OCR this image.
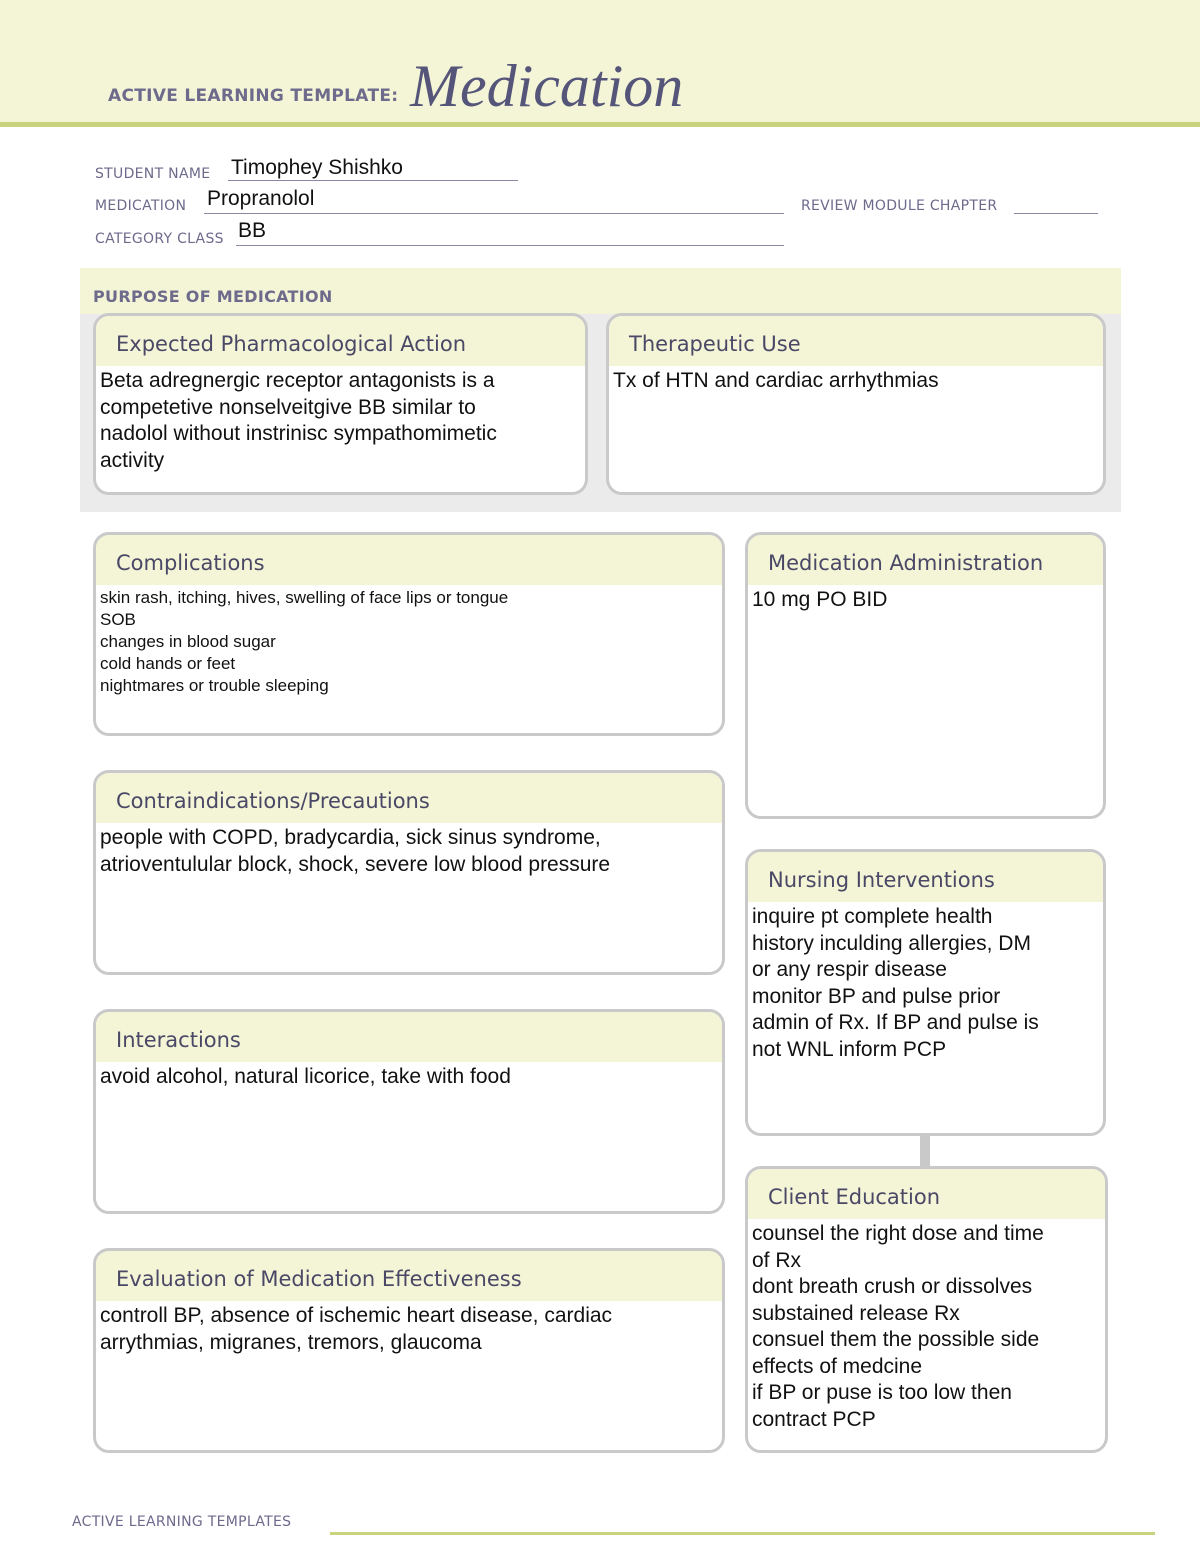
ACTIVE LEARNING TEMPLATE: Medication
STUDENT NAME Timophey Shishko
MEDICATION Propranolol	REVIEW MODULE CHAPTER
CATEGORY CLASS BB
PURPOSE OF MEDICATION
Expected Pharmacological Action
Beta adregnergic receptor antagonists is a
competetive nonselveitgive BB similar to
nadolol without instrinisc sympathomimetic
activity
Therapeutic Use
Tx of HTN and cardiac arrhythmias
Complications
skin rash, itching, hives, swelling of face lips or tongue
SOB
changes in blood sugar
cold hands or feet
nightmares or trouble sleeping
Contraindications/Precautions
people with COPD, bradycardia, sick sinus syndrome,
atrioventulular block, shock, severe low blood pressure
Interactions
avoid alcohol, natural licorice, take with food
Evaluation of Medication Effectiveness
controll BP, absence of ischemic heart disease, cardiac
arrythmias, migranes, tremors, glaucoma
Medication Administration
10 mg PO BID
Nursing Interventions
inquire pt complete health
history inculding allergies, DM
or any respir disease
monitor BP and pulse prior
admin of Rx. If BP and pulse is
not WNL inform PCP
Client Education
counsel the right dose and time
of Rx
dont breath crush or dissolves
substained release Rx
consuel them the possible side
effects of medcine
if BP or puse is too low then
contract PCP
ACTIVE LEARNING TEMPLATES
